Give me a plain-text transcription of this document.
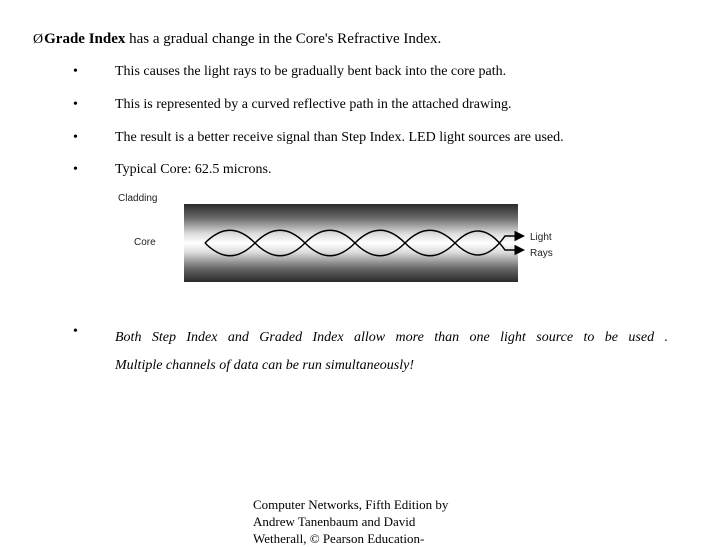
ØGrade Index has a gradual change in the Core's Refractive Index.
•	This causes the light rays to be gradually bent back into the core path.
•	This is represented by a curved reflective path in the attached drawing.
•	The result is a better receive signal than Step Index. LED light sources are used.
•	Typical Core: 62.5 microns.
Cladding
Core	Light
Rays
•	Both Step Index and Graded Index allow more than one light source to be used .
Multiple channels of data can be run simultaneously!
Computer Networks, Fifth Edition by
Andrew Tanenbaum and David
Wetherall, © Pearson Education-
